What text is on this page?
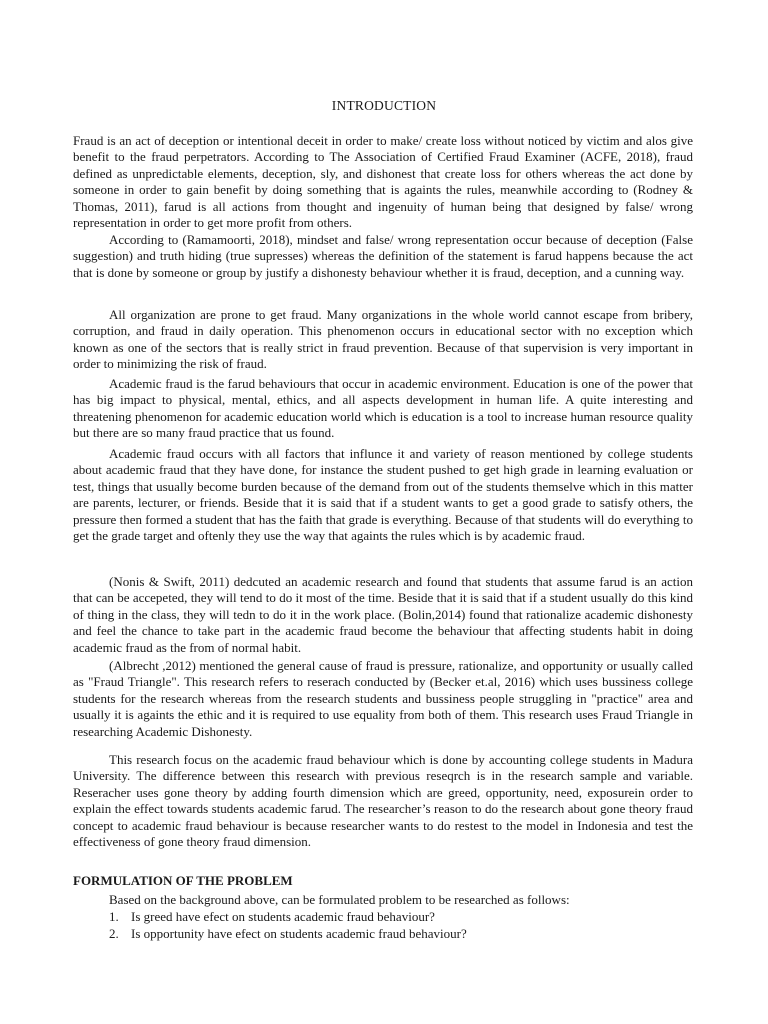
INTRODUCTION

Fraud is an act of deception or intentional deceit in order to make/ create loss without noticed by victim and alos give benefit to the fraud perpetrators. According to The Association of Certified Fraud Examiner (ACFE, 2018), fraud defined as unpredictable elements, deception, sly, and dishonest that create loss for others whereas the act done by someone in order to gain benefit by doing something that is againts the rules, meanwhile according to (Rodney & Thomas, 2011), farud is all actions from thought and ingenuity of human being that designed by false/ wrong representation in order to get more profit from others.

According to (Ramamoorti, 2018), mindset and false/ wrong representation occur because of deception (False suggestion) and truth hiding (true supresses) whereas the definition of the statement is farud happens because the act that is done by someone or group by justify a dishonesty behaviour whether it is fraud, deception, and a cunning way.

All organization are prone to get fraud. Many organizations in the whole world cannot escape from bribery, corruption, and fraud in daily operation. This phenomenon occurs in educational sector with no exception which known as one of the sectors that is really strict in fraud prevention. Because of that supervision is very important in order to minimizing the risk of fraud.

Academic fraud is the farud behaviours that occur in academic environment. Education is one of the power that has big impact to physical, mental, ethics, and all aspects development in human life. A quite interesting and threatening phenomenon for academic education world which is education is a tool to increase human resource quality but there are so many fraud practice that us found.

Academic fraud occurs with all factors that influnce it and variety of reason mentioned by college students about academic fraud that they have done, for instance the student pushed to get high grade in learning evaluation or test, things that usually become burden because of the demand from out of the students themselve which in this matter are parents, lecturer, or friends. Beside that it is said that if a student wants to get a good grade to satisfy others, the pressure then formed a student that has the faith that grade is everything. Because of that students will do everything to get the grade target and oftenly they use the way that againts the rules which is by academic fraud.

(Nonis & Swift, 2011) dedcuted an academic research and found that students that assume farud is an action that can be accepeted, they will tend to do it most of the time. Beside that it is said that if a student usually do this kind of thing in the class, they will tedn to do it in the work place. (Bolin,2014) found that rationalize academic dishonesty and feel the chance to take part in the academic fraud become the behaviour that affecting students habit in doing academic fraud as the from of normal habit.

(Albrecht ,2012) mentioned the general cause of fraud is pressure, rationalize, and opportunity or usually called as "Fraud Triangle". This research refers to reserach conducted by (Becker et.al, 2016) which uses bussiness college students for the research whereas from the research students and bussiness people struggling in "practice" area and usually it is againts the ethic and it is required to use equality from both of them. This research uses Fraud Triangle in researching Academic Dishonesty.

This research focus on the academic fraud behaviour which is done by accounting college students in Madura University. The difference between this research with previous reseqrch is in the research sample and variable. Reseracher uses gone theory by adding fourth dimension which are greed, opportunity, need, exposurein order to explain the effect towards students academic farud. The researcher’s reason to do the research about gone theory fraud concept to academic fraud behaviour is because researcher wants to do restest to the model in Indonesia and test the effectiveness of gone theory fraud dimension.

FORMULATION OF THE PROBLEM
Based on the background above, can be formulated problem to be researched as follows:
1. Is greed have efect on students academic fraud behaviour?
2. Is opportunity have efect on students academic fraud behaviour?
